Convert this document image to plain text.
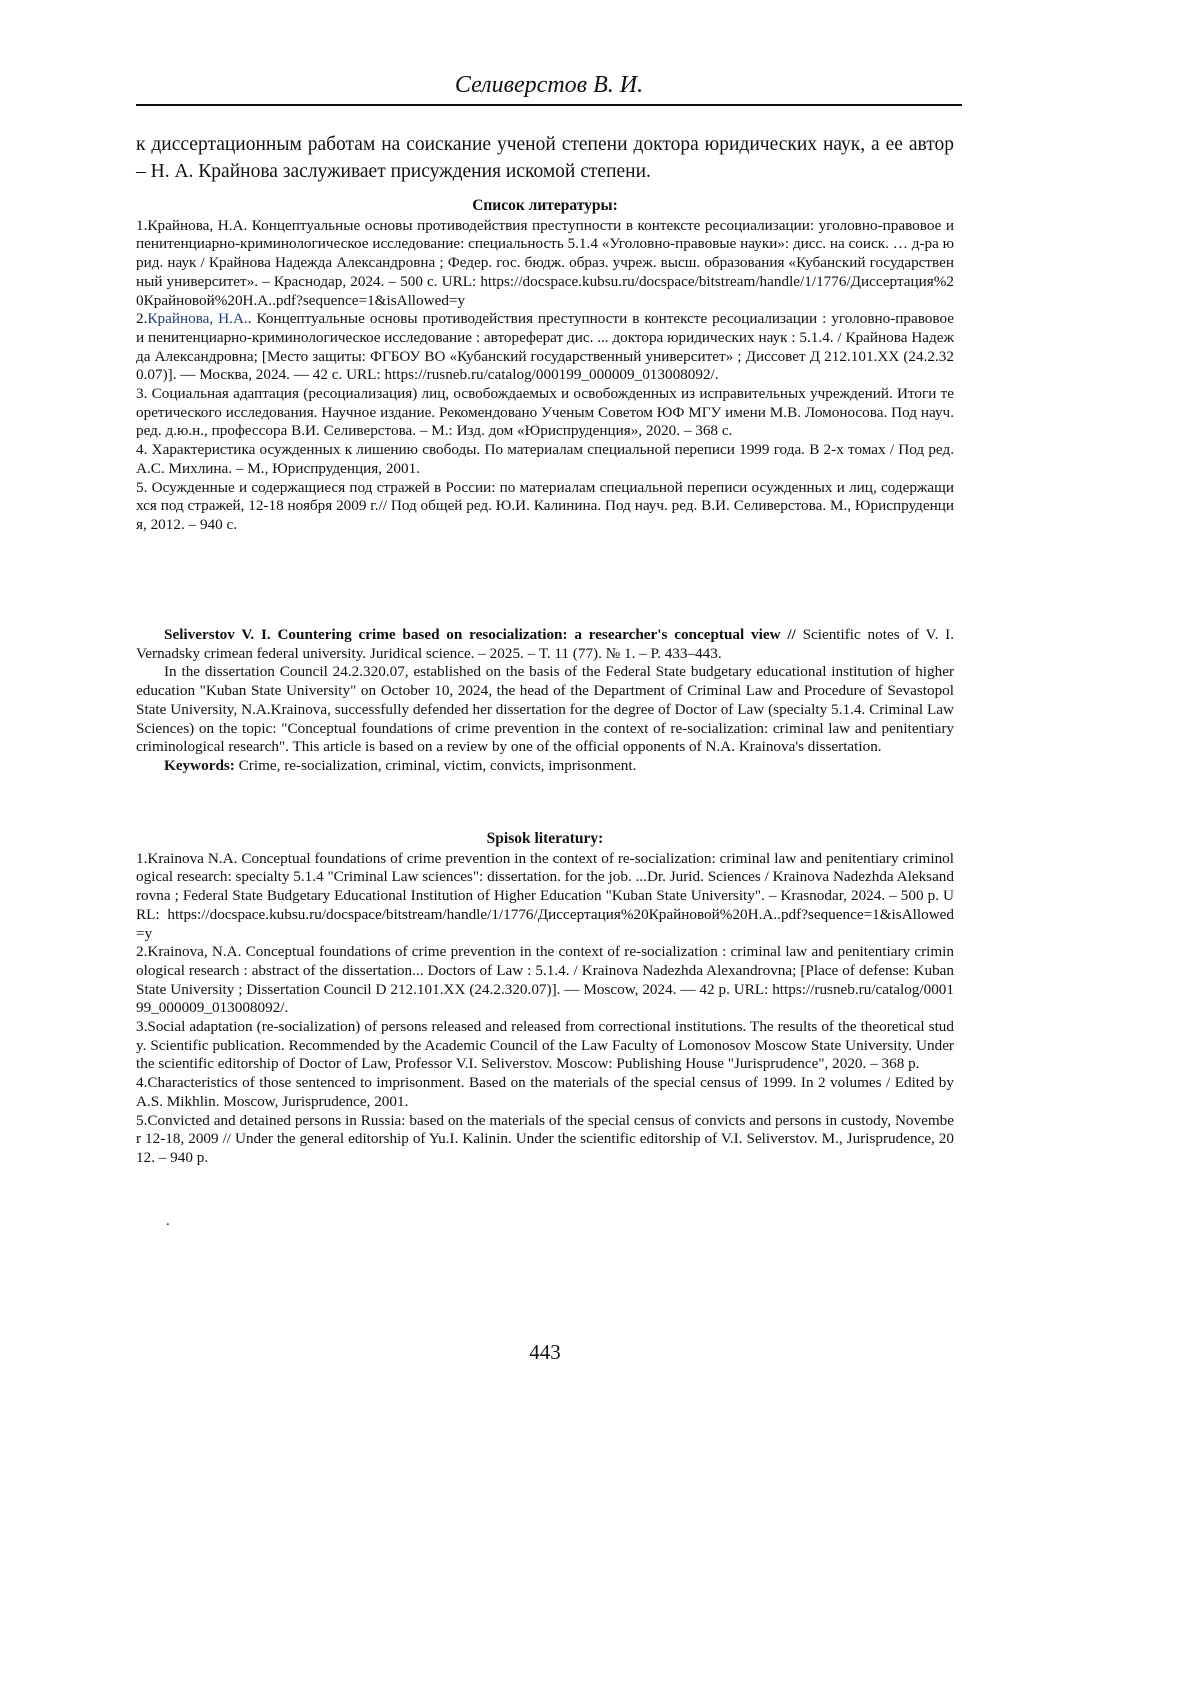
Селиверстов В. И.

к диссертационным работам на соискание ученой степени доктора юридических наук, а ее автор – Н. А. Крайнова заслуживает присуждения искомой степени.

Список литературы:

1.Крайнова, Н.А. Концептуальные основы противодействия преступности в контексте ресоциализации: уголовно-правовое и пенитенциарно-криминологическое исследование: специальность 5.1.4 «Уголовно-правовые науки»: дисс. на соиск. … д-ра юрид. наук / Крайнова Надежда Александровна ; Федер. гос. бюдж. образ. учреж. высш. образования «Кубанский государственный университет». – Краснодар, 2024. – 500 с. URL: https://docspace.kubsu.ru/docspace/bitstream/handle/1/1776/Диссертация%20Крайновой%20Н.А..pdf?sequence=1&isAllowed=y

2.Крайнова, Н.А.. Концептуальные основы противодействия преступности в контексте ресоциализации : уголовно-правовое и пенитенциарно-криминологическое исследование : автореферат дис. ... доктора юридических наук : 5.1.4. / Крайнова Надежда Александровна; [Место защиты: ФГБОУ ВО «Кубанский государственный университет» ; Диссовет Д 212.101.XX (24.2.320.07)]. — Москва, 2024. — 42 с. URL: https://rusneb.ru/catalog/000199_000009_013008092/.

3. Социальная адаптация (ресоциализация) лиц, освобождаемых и освобожденных из исправительных учреждений. Итоги теоретического исследования. Научное издание. Рекомендовано Ученым Советом ЮФ МГУ имени М.В. Ломоносова. Под науч. ред. д.ю.н., профессора В.И. Селиверстова. – М.: Изд. дом «Юриспруденция», 2020. – 368 с.

4. Характеристика осужденных к лишению свободы. По материалам специальной переписи 1999 года. В 2-х томах / Под ред. А.С. Михлина. – М., Юриспруденция, 2001.

5. Осужденные и содержащиеся под стражей в России: по материалам специальной переписи осужденных и лиц, содержащихся под стражей, 12-18 ноября 2009 г.// Под общей ред. Ю.И. Калинина. Под науч. ред. В.И. Селиверстова. М., Юриспруденция, 2012. – 940 с.

Seliverstov V. I. Countering crime based on resocialization: a researcher's conceptual view // Scientific notes of V. I. Vernadsky crimean federal university. Juridical science. – 2025. – Т. 11 (77). № 1. – Р. 433–443.

In the dissertation Council 24.2.320.07, established on the basis of the Federal State budgetary educational institution of higher education "Kuban State University" on October 10, 2024, the head of the Department of Criminal Law and Procedure of Sevastopol State University, N.A.Krainova, successfully defended her dissertation for the degree of Doctor of Law (specialty 5.1.4. Criminal Law Sciences) on the topic: "Conceptual foundations of crime prevention in the context of re-socialization: criminal law and penitentiary criminological research". This article is based on a review by one of the official opponents of N.A. Krainova's dissertation.

Keywords: Crime, re-socialization, criminal, victim, convicts, imprisonment.

Spisok literatury:

1.Krainova N.A. Conceptual foundations of crime prevention in the context of re-socialization: criminal law and penitentiary criminological research: specialty 5.1.4 "Criminal Law sciences": dissertation. for the job. ...Dr. Jurid. Sciences / Krainova Nadezhda Aleksandrovna ; Federal State Budgetary Educational Institution of Higher Education "Kuban State University". – Krasnodar, 2024. – 500 p. URL: https://docspace.kubsu.ru/docspace/bitstream/handle/1/1776/Диссертация%20Крайновой%20Н.А..pdf?sequence=1&isAllowed=y

2.Krainova, N.A. Conceptual foundations of crime prevention in the context of re-socialization : criminal law and penitentiary criminological research : abstract of the dissertation... Doctors of Law : 5.1.4. / Krainova Nadezhda Alexandrovna; [Place of defense: Kuban State University ; Dissertation Council D 212.101.XX (24.2.320.07)]. — Moscow, 2024. — 42 p. URL: https://rusneb.ru/catalog/000199_000009_013008092/.

3.Social adaptation (re-socialization) of persons released and released from correctional institutions. The results of the theoretical study. Scientific publication. Recommended by the Academic Council of the Law Faculty of Lomonosov Moscow State University. Under the scientific editorship of Doctor of Law, Professor V.I. Seliverstov. Moscow: Publishing House "Jurisprudence", 2020. – 368 p.

4.Characteristics of those sentenced to imprisonment. Based on the materials of the special census of 1999. In 2 volumes / Edited by A.S. Mikhlin. Moscow, Jurisprudence, 2001.

5.Convicted and detained persons in Russia: based on the materials of the special census of convicts and persons in custody, November 12-18, 2009 // Under the general editorship of Yu.I. Kalinin. Under the scientific editorship of V.I. Seliverstov. M., Jurisprudence, 2012. – 940 p.

.
443
